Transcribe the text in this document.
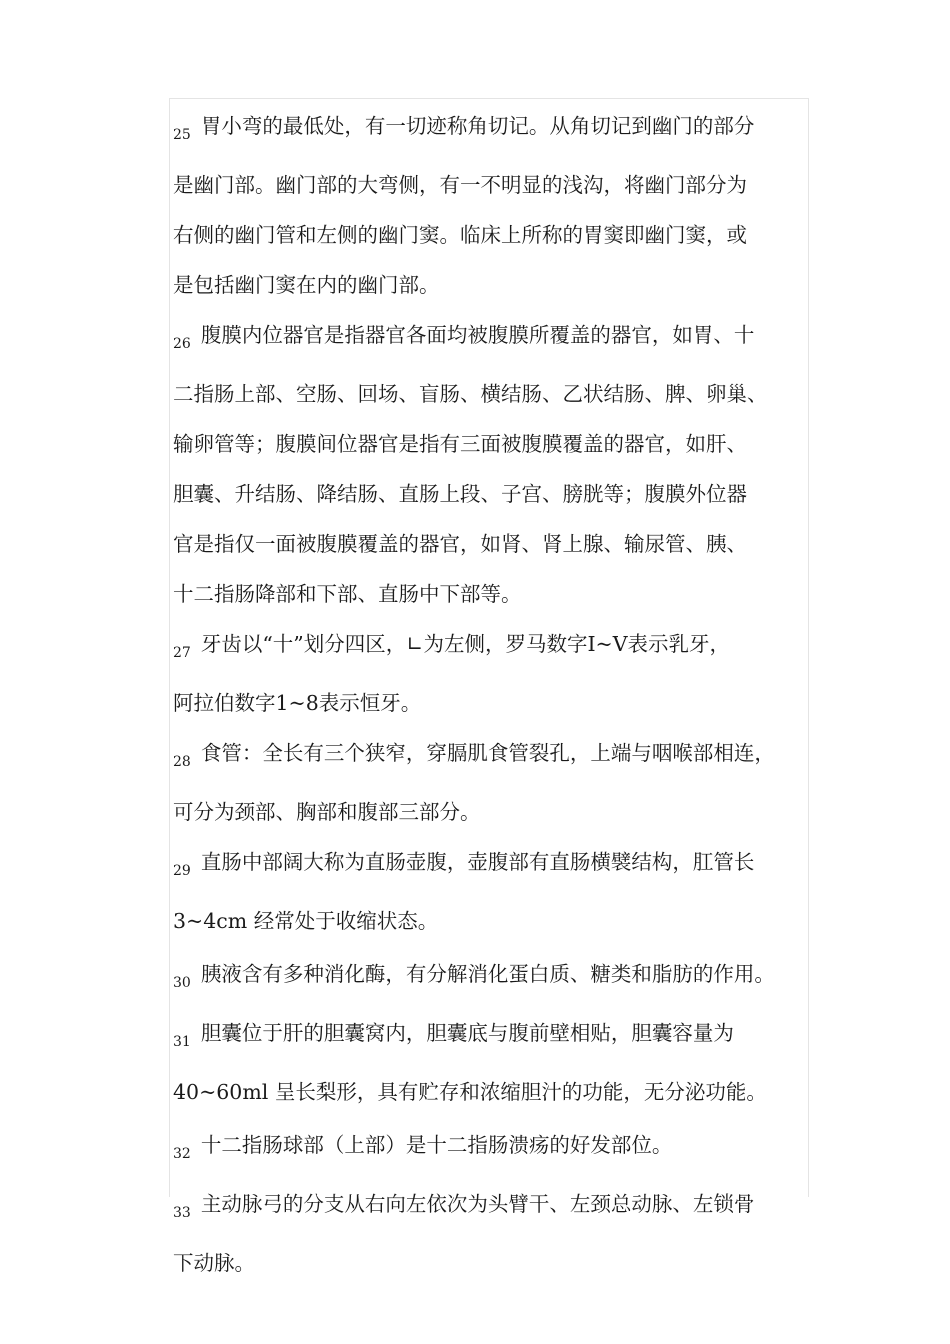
$_{25}$ 胃小弯的最低处，有一切迹称角切记。从角切记到幽门的部分
是幽门部。幽门部的大弯侧，有一不明显的浅沟，将幽门部分为
右侧的幽门管和左侧的幽门窦。临床上所称的胃窦即幽门窦，或
是包括幽门窦在内的幽门部。
$_{26}$ 腹膜内位器官是指器官各面均被腹膜所覆盖的器官，如胃、十
二指肠上部、空肠、回场、盲肠、横结肠、乙状结肠、脾、卵巢、
输卵管等；腹膜间位器官是指有三面被腹膜覆盖的器官，如肝、
胆囊、升结肠、降结肠、直肠上段、子宫、膀胱等；腹膜外位器
官是指仅一面被腹膜覆盖的器官，如肾、肾上腺、输尿管、胰、
十二指肠降部和下部、直肠中下部等。
$_{27}$ 牙齿以“十”划分四区，∟为左侧，罗马数字Ⅰ~Ⅴ表示乳牙，
阿拉伯数字1~8表示恒牙。
$_{28}$ 食管：全长有三个狭窄，穿膈肌食管裂孔，上端与咽喉部相连，
可分为颈部、胸部和腹部三部分。
$_{29}$ 直肠中部阔大称为直肠壶腹，壶腹部有直肠横襞结构，肛管长
3~4cm 经常处于收缩状态。
$_{30}$ 胰液含有多种消化酶，有分解消化蛋白质、糖类和脂肪的作用。
$_{31}$ 胆囊位于肝的胆囊窝内，胆囊底与腹前壁相贴，胆囊容量为
40~60ml 呈长梨形，具有贮存和浓缩胆汁的功能，无分泌功能。
$_{32}$ 十二指肠球部（上部）是十二指肠溃疡的好发部位。
$_{33}$ 主动脉弓的分支从右向左依次为头臂干、左颈总动脉、左锁骨
下动脉。
